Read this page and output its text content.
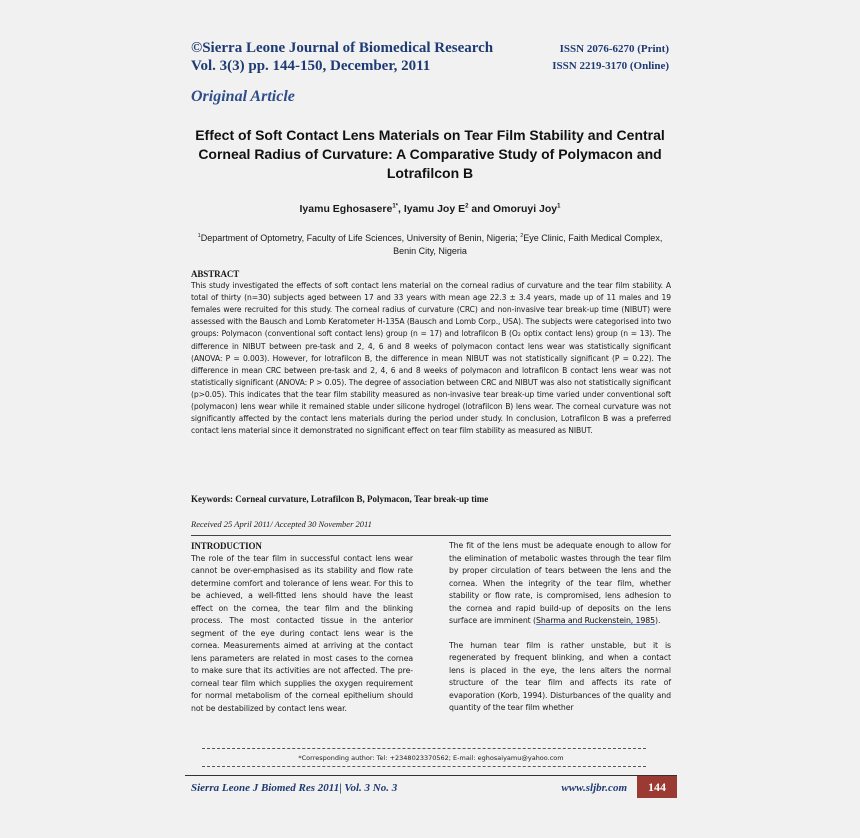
©Sierra Leone Journal of Biomedical Research
Vol. 3(3) pp. 144-150, December, 2011
ISSN 2076-6270 (Print)
ISSN 2219-3170 (Online)
Original Article
Effect of Soft Contact Lens Materials on Tear Film Stability and Central Corneal Radius of Curvature: A Comparative Study of Polymacon and Lotrafilcon B
Iyamu Eghosasere$^{1*}$, Iyamu Joy $E^2$ and Omoruyi Joy$^1$
$^1$Department of Optometry, Faculty of Life Sciences, University of Benin, Nigeria; $^2$Eye Clinic, Faith Medical Complex, Benin City, Nigeria
ABSTRACT
This study investigated the effects of soft contact lens material on the corneal radius of curvature and the tear film stability. A total of thirty (n=30) subjects aged between 17 and 33 years with mean age 22.3 ± 3.4 years, made up of 11 males and 19 females were recruited for this study. The corneal radius of curvature (CRC) and non-invasive tear break-up time (NIBUT) were assessed with the Bausch and Lomb Keratometer H-135A (Bausch and Lomb Corp., USA). The subjects were categorised into two groups: Polymacon (conventional soft contact lens) group (n = 17) and lotrafilcon B (O₂ optix contact lens) group (n = 13). The difference in NIBUT between pre-task and 2, 4, 6 and 8 weeks of polymacon contact lens wear was statistically significant (ANOVA: P = 0.003). However, for lotrafilcon B, the difference in mean NIBUT was not statistically significant (P = 0.22). The difference in mean CRC between pre-task and 2, 4, 6 and 8 weeks of polymacon and lotrafilcon B contact lens wear was not statistically significant (ANOVA: P > 0.05). The degree of association between CRC and NIBUT was also not statistically significant (p>0.05). This indicates that the tear film stability measured as non-invasive tear break-up time varied under conventional soft (polymacon) lens wear while it remained stable under silicone hydrogel (lotrafilcon B) lens wear. The corneal curvature was not significantly affected by the contact lens materials during the period under study. In conclusion, Lotrafilcon B was a preferred contact lens material since it demonstrated no significant effect on tear film stability as measured as NIBUT.
Keywords: Corneal curvature, Lotrafilcon B, Polymacon, Tear break-up time
Received 25 April 2011/ Accepted 30 November 2011
INTRODUCTION

The role of the tear film in successful contact lens wear cannot be over-emphasised as its stability and flow rate determine comfort and tolerance of lens wear. For this to be achieved, a well-fitted lens should have the least effect on the cornea, the tear film and the blinking process. The most contacted tissue in the anterior segment of the eye during contact lens wear is the cornea. Measurements aimed at arriving at the contact lens parameters are related in most cases to the cornea to make sure that its activities are not affected. The pre-corneal tear film which supplies the oxygen requirement for normal metabolism of the corneal epithelium should not be destabilized by contact lens wear.

The fit of the lens must be adequate enough to allow for the elimination of metabolic wastes through the tear film by proper circulation of tears between the lens and the cornea. When the integrity of the tear film, whether stability or flow rate, is compromised, lens adhesion to the cornea and rapid build-up of deposits on the lens surface are imminent (Sharma and Ruckenstein, 1985).

The human tear film is rather unstable, but it is regenerated by frequent blinking, and when a contact lens is placed in the eye, the lens alters the normal structure of the tear film and affects its rate of evaporation (Korb, 1994). Disturbances of the quality and quantity of the tear film whether

*Corresponding author: Tel: +2348023370562; E-mail: eghosaiyamu@yahoo.com
Sierra Leone J Biomed Res 2011| Vol. 3 No. 3	www.sljbr.com	144
